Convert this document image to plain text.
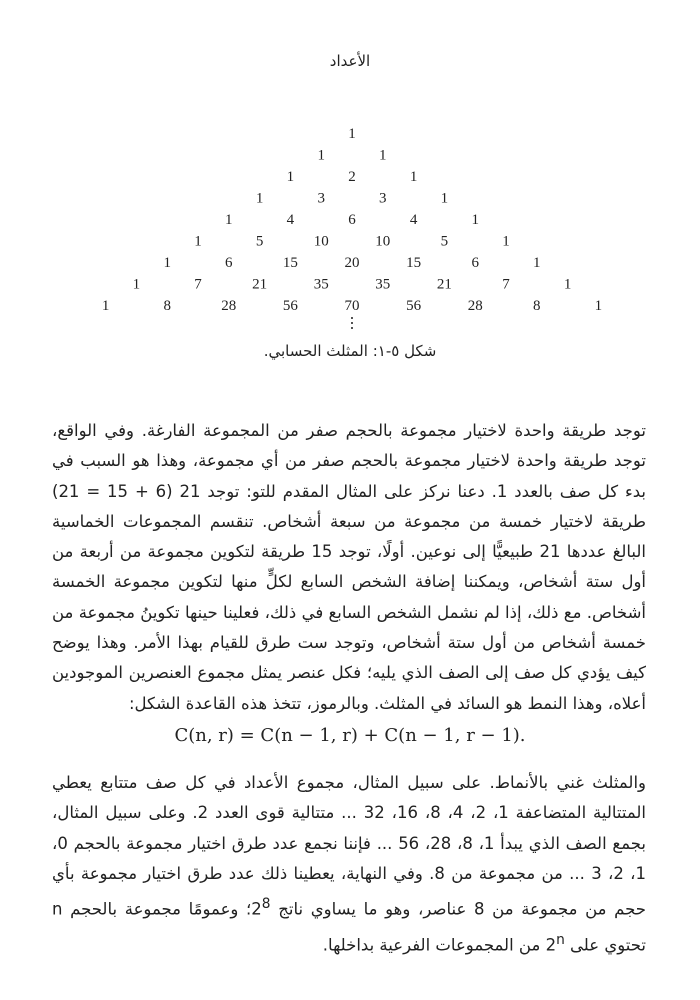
الأعداد
1
1	1
1	2	1
1	3	3	1
1	4	6	4	1
1	5	10	10	5	1
1	6	15	20	15	6	1
1	7	21	35	35	21	7	1
1	8	28	56	70	56	28	8	1
⋮
شكل ٥-١: المثلث الحسابي.
توجد طريقة واحدة لاختيار مجموعة بالحجم صفر من المجموعة الفارغة. وفي الواقع، توجد طريقة واحدة لاختيار مجموعة بالحجم صفر من أي مجموعة، وهذا هو السبب في بدء كل صف بالعدد 1. دعنا نركز على المثال المقدم للتو: توجد 21 (6 + 15 = 21) طريقة لاختيار خمسة من مجموعة من سبعة أشخاص. تنقسم المجموعات الخماسية البالغ عددها 21 طبيعيًّا إلى نوعين. أولًا، توجد 15 طريقة لتكوين مجموعة من أربعة من أول ستة أشخاص، ويمكننا إضافة الشخص السابع لكلٍّ منها لتكوين مجموعة الخمسة أشخاص. مع ذلك، إذا لم نشمل الشخص السابع في ذلك، فعلينا حينها تكوينُ مجموعة من خمسة أشخاص من أول ستة أشخاص، وتوجد ست طرق للقيام بهذا الأمر. وهذا يوضح كيف يؤدي كل صف إلى الصف الذي يليه؛ فكل عنصر يمثل مجموع العنصرين الموجودين أعلاه، وهذا النمط هو السائد في المثلث. وبالرموز، تتخذ هذه القاعدة الشكل:
C(n, r) = C(n − 1, r) + C(n − 1, r − 1).
والمثلث غني بالأنماط. على سبيل المثال، مجموع الأعداد في كل صف متتابع يعطي المتتالية المتضاعفة 1، 2، 4، 8، 16، 32 ... متتالية قوى العدد 2. وعلى سبيل المثال، بجمع الصف الذي يبدأ 1، 8، 28، 56 ... فإننا نجمع عدد طرق اختيار مجموعة بالحجم 0، 1، 2، 3 ... من مجموعة من 8. وفي النهاية، يعطينا ذلك عدد طرق اختيار مجموعة بأي حجم من مجموعة من 8 عناصر، وهو ما يساوي ناتج $2^8؛$ وعمومًا مجموعة بالحجم n تحتوي على 2$^n$ من المجموعات الفرعية بداخلها.
